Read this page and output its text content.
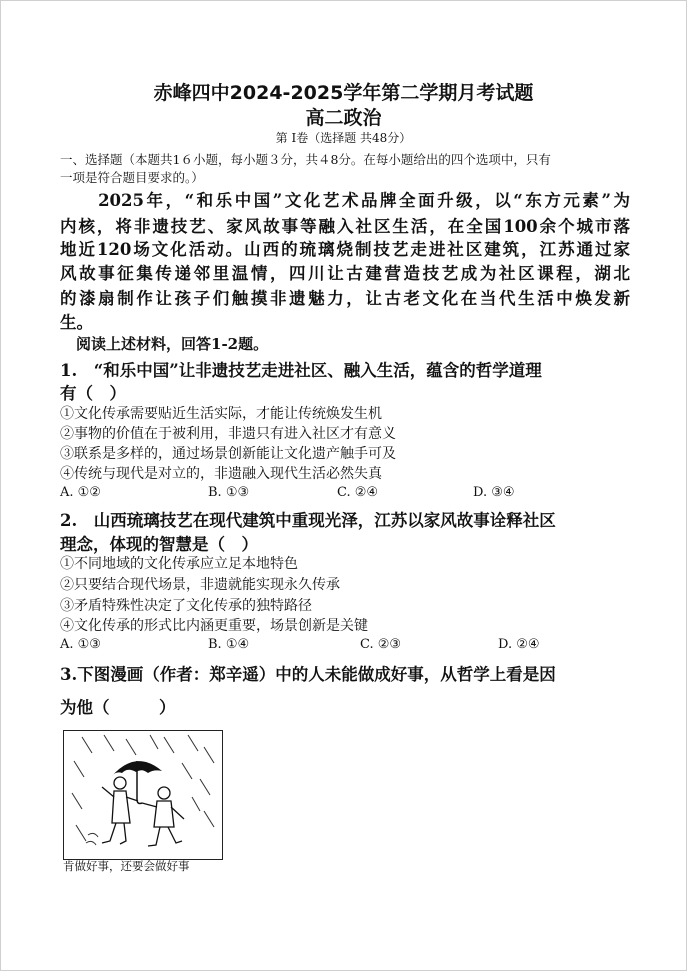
赤峰四中2024-2025学年第二学期月考试题
高二政治
第 Ⅰ卷（选择题 共48分）
一、选择题（本题共1６小题，每小题３分，共４8分。在每小题给出的四个选项中，只有
一项是符合题目要求的。）
　　2025年，“和乐中国”文化艺术品牌全面升级，以“东方元素”为
内核，将非遗技艺、家风故事等融入社区生活，在全国100余个城市落
地近120场文化活动。山西的琉璃烧制技艺走进社区建筑，江苏通过家
风故事征集传递邻里温情，四川让古建营造技艺成为社区课程，湖北
的漆扇制作让孩子们触摸非遗魅力，让古老文化在当代生活中焕发新
生。
阅读上述材料，回答1-2题。
1.　“和乐中国”让非遗技艺走进社区、融入生活，蕴含的哲学道理
有（　）
①文化传承需要贴近生活实际，才能让传统焕发生机
②事物的价值在于被利用，非遗只有进入社区才有意义
③联系是多样的，通过场景创新能让文化遗产触手可及
④传统与现代是对立的，非遗融入现代生活必然失真
A. ①②	B. ①③	C. ②④	D. ③④
2.　山西琉璃技艺在现代建筑中重现光泽，江苏以家风故事诠释社区
理念，体现的智慧是（　）
①不同地域的文化传承应立足本地特色
②只要结合现代场景，非遗就能实现永久传承
③矛盾特殊性决定了文化传承的独特路径
④文化传承的形式比内涵更重要，场景创新是关键
A. ①③	B. ①④	C. ②③	D. ②④
3.下图漫画（作者：郑辛遥）中的人未能做成好事，从哲学上看是因
为他（　　　）
肯做好事，还要会做好事
